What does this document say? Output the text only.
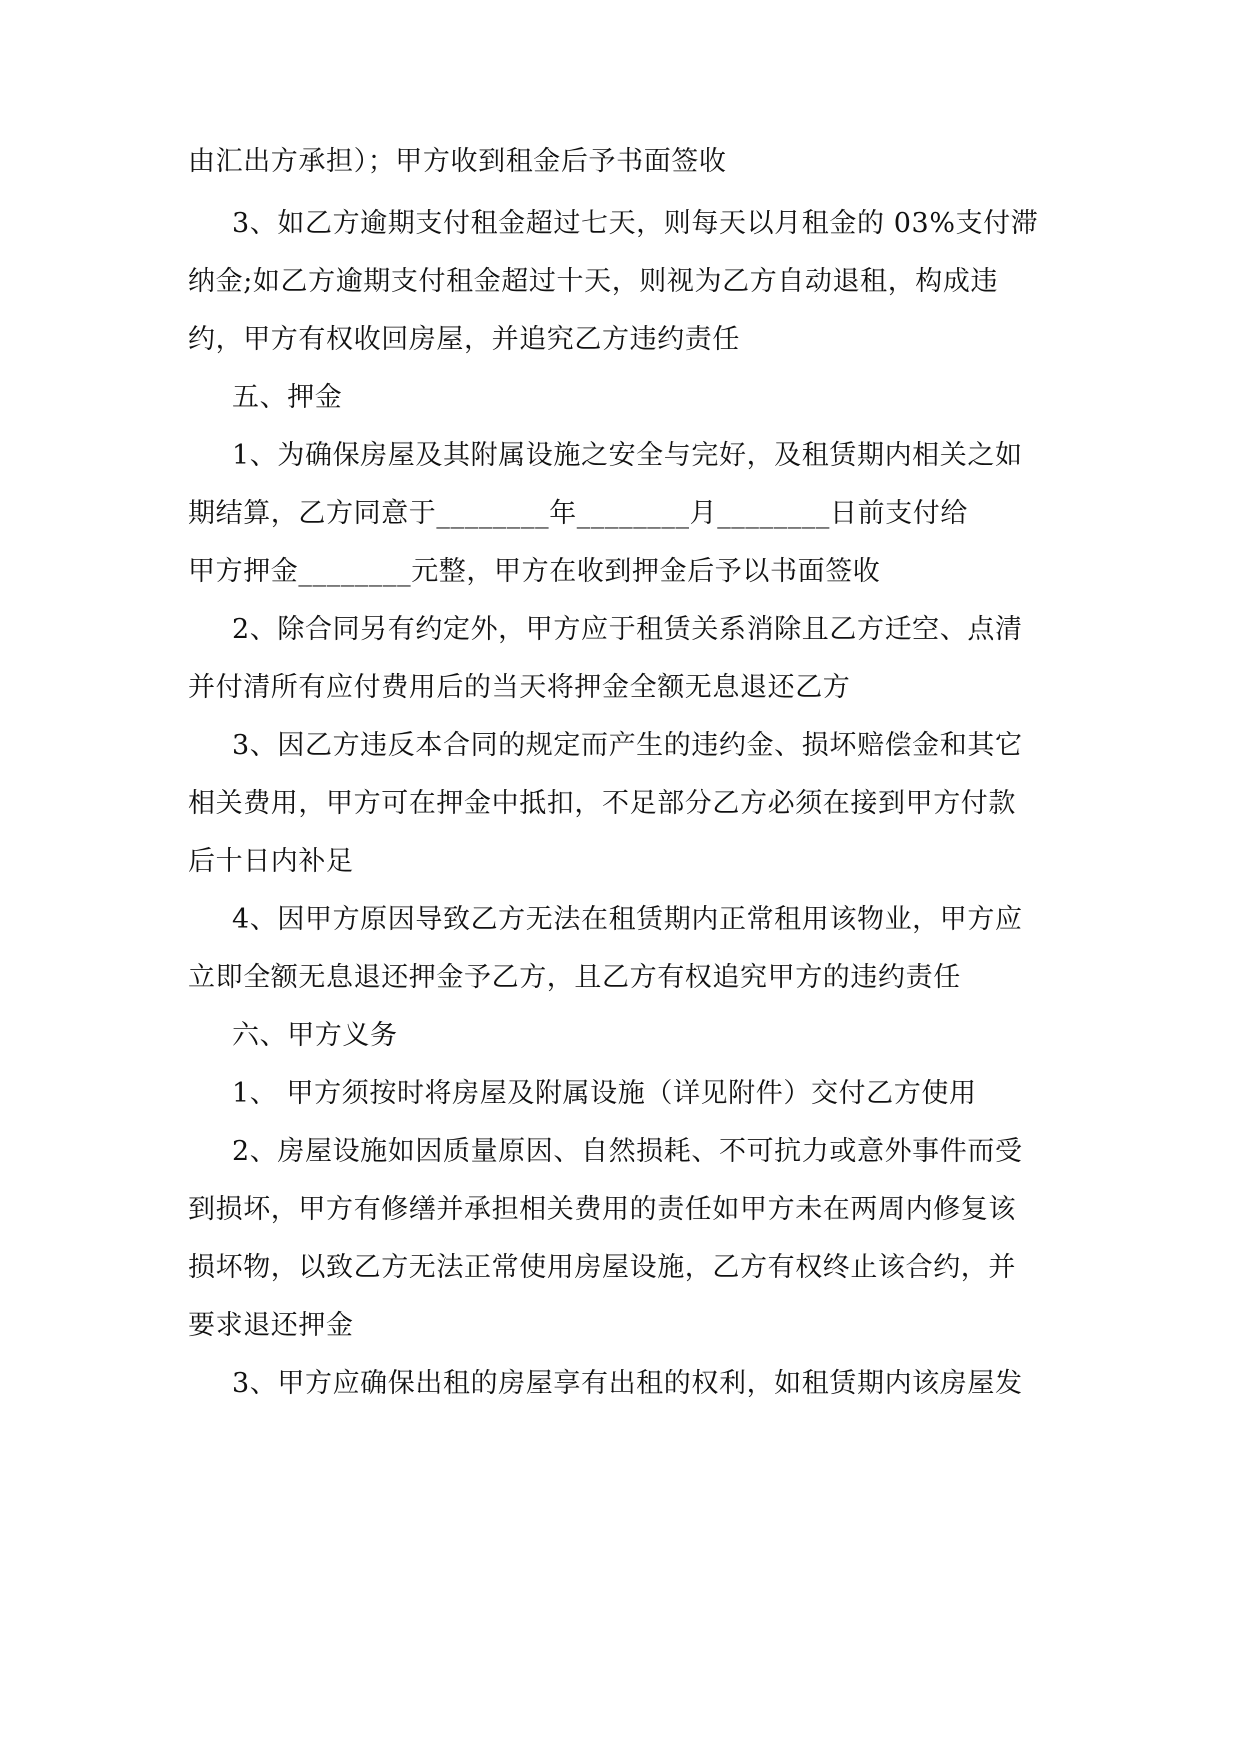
由汇出方承担）；甲方收到租金后予书面签收
3、如乙方逾期支付租金超过七天，则每天以月租金的 03%支付滞
纳金;如乙方逾期支付租金超过十天，则视为乙方自动退租，构成违
约，甲方有权收回房屋，并追究乙方违约责任
五、押金
1、为确保房屋及其附属设施之安全与完好，及租赁期内相关之如
期结算，乙方同意于________年________月________日前支付给
甲方押金________元整，甲方在收到押金后予以书面签收
2、除合同另有约定外，甲方应于租赁关系消除且乙方迁空、点清
并付清所有应付费用后的当天将押金全额无息退还乙方
3、因乙方违反本合同的规定而产生的违约金、损坏赔偿金和其它
相关费用，甲方可在押金中抵扣，不足部分乙方必须在接到甲方付款
后十日内补足
4、因甲方原因导致乙方无法在租赁期内正常租用该物业，甲方应
立即全额无息退还押金予乙方，且乙方有权追究甲方的违约责任
六、甲方义务
1、 甲方须按时将房屋及附属设施（详见附件）交付乙方使用
2、房屋设施如因质量原因、自然损耗、不可抗力或意外事件而受
到损坏，甲方有修缮并承担相关费用的责任如甲方未在两周内修复该
损坏物，以致乙方无法正常使用房屋设施，乙方有权终止该合约，并
要求退还押金
3、甲方应确保出租的房屋享有出租的权利，如租赁期内该房屋发
